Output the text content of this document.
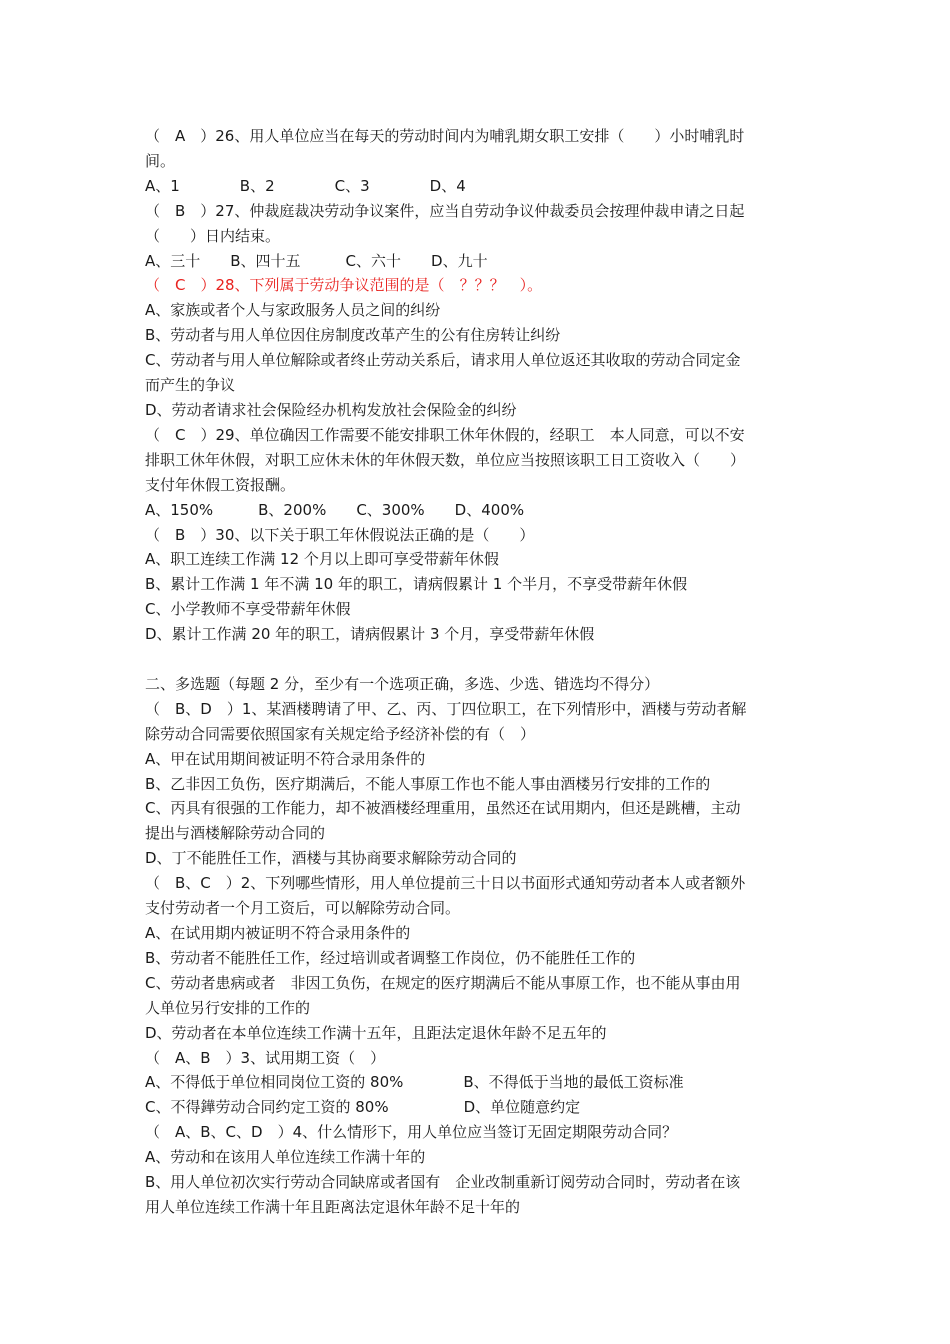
（　A　）26、用人单位应当在每天的劳动时间内为哺乳期女职工安排（　　）小时哺乳时

间。

A、1　　　　B、2　　　　C、3　　　　D、4

（　B　）27、仲裁庭裁决劳动争议案件，应当自劳动争议仲裁委员会按理仲裁申请之日起

（　　）日内结束。

A、三十　　B、四十五　　　C、六十　　D、九十

（　C　）28、下列属于劳动争议范围的是（　？？？　）。

A、家族或者个人与家政服务人员之间的纠纷

B、劳动者与用人单位因住房制度改革产生的公有住房转让纠纷

C、劳动者与用人单位解除或者终止劳动关系后，请求用人单位返还其收取的劳动合同定金

而产生的争议

D、劳动者请求社会保险经办机构发放社会保险金的纠纷

（　C　）29、单位确因工作需要不能安排职工休年休假的，经职工　本人同意，可以不安

排职工休年休假，对职工应休未休的年休假天数，单位应当按照该职工日工资收入（　　）

支付年休假工资报酬。

A、150%　　　B、200%　　C、300%　　D、400%

（　B　）30、以下关于职工年休假说法正确的是（　　）

A、职工连续工作满 12 个月以上即可享受带薪年休假

B、累计工作满 1 年不满 10 年的职工，请病假累计 1 个半月，不享受带薪年休假

C、小学教师不享受带薪年休假

D、累计工作满 20 年的职工，请病假累计 3 个月，享受带薪年休假

二、多选题（每题 2 分，至少有一个选项正确，多选、少选、错选均不得分）

（　B、D　）1、某酒楼聘请了甲、乙、丙、丁四位职工，在下列情形中，酒楼与劳动者解

除劳动合同需要依照国家有关规定给予经济补偿的有（　）

A、甲在试用期间被证明不符合录用条件的

B、乙非因工负伤，医疗期满后，不能人事原工作也不能人事由酒楼另行安排的工作的

C、丙具有很强的工作能力，却不被酒楼经理重用，虽然还在试用期内，但还是跳槽，主动

提出与酒楼解除劳动合同的

D、丁不能胜任工作，酒楼与其协商要求解除劳动合同的

（　B、C　）2、下列哪些情形，用人单位提前三十日以书面形式通知劳动者本人或者额外

支付劳动者一个月工资后，可以解除劳动合同。

A、在试用期内被证明不符合录用条件的

B、劳动者不能胜任工作，经过培训或者调整工作岗位，仍不能胜任工作的

C、劳动者患病或者　非因工负伤，在规定的医疗期满后不能从事原工作，也不能从事由用

人单位另行安排的工作的

D、劳动者在本单位连续工作满十五年，且距法定退休年龄不足五年的

（　A、B　）3、试用期工资（　）

A、不得低于单位相同岗位工资的 80%　　　　B、不得低于当地的最低工资标准

C、不得鏵劳动合同约定工资的 80%　　　　　D、单位随意约定

（　A、B、C、D　）4、什么情形下，用人单位应当签订无固定期限劳动合同？

A、劳动和在该用人单位连续工作满十年的

B、用人单位初次实行劳动合同缺席或者国有　企业改制重新订阅劳动合同时，劳动者在该

用人单位连续工作满十年且距离法定退休年龄不足十年的
